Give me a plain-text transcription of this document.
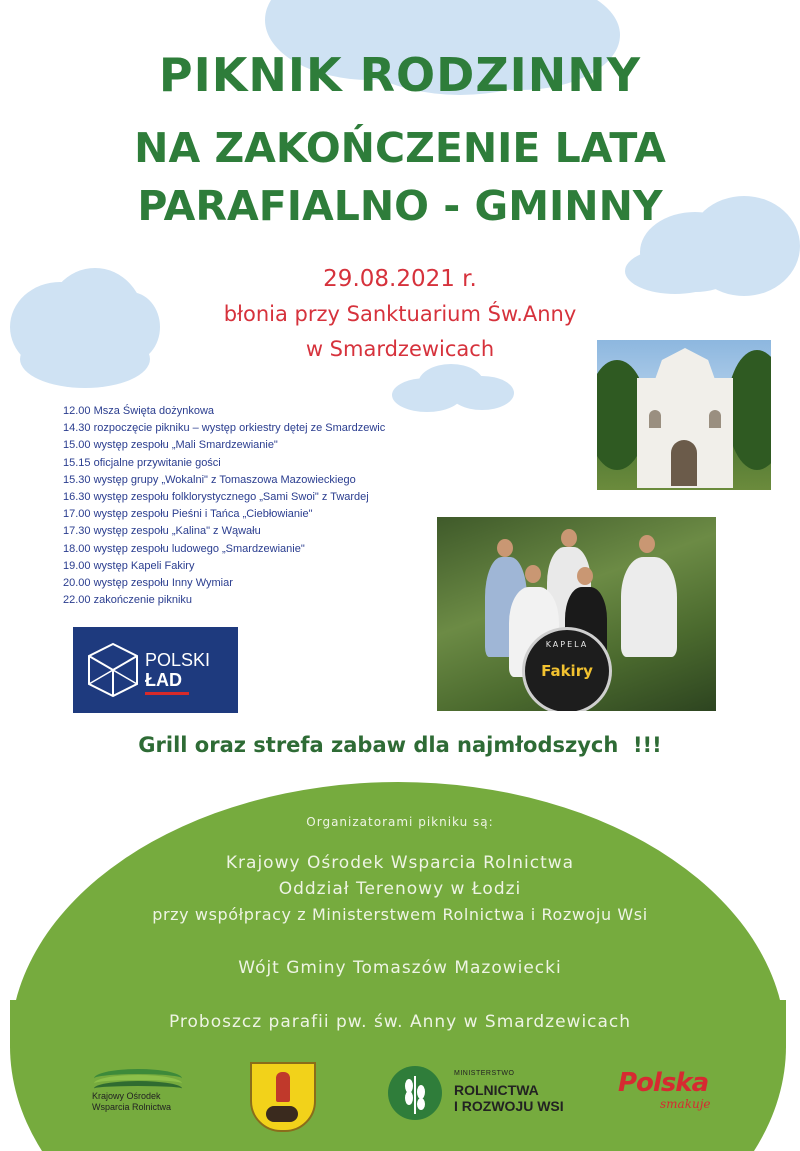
PIKNIK RODZINNY
NA ZAKOŃCZENIE LATA
PARAFIALNO - GMINNY
29.08.2021 r.
błonia przy Sanktuarium Św.Anny
w Smardzewicach
12.00 Msza Święta dożynkowa
14.30 rozpoczęcie pikniku – występ orkiestry dętej ze Smardzewic
15.00 występ zespołu „Mali Smardzewianie"
15.15 oficjalne przywitanie gości
15.30 występ grupy „Wokalni" z Tomaszowa Mazowieckiego
16.30 występ zespołu folklorystycznego „Sami Swoi" z Twardej
17.00 występ zespołu Pieśni i Tańca „Ciebłowianie"
17.30 występ zespołu „Kalina" z Wąwału
18.00 występ zespołu ludowego „Smardzewianie"
19.00 występ Kapeli Fakiry
20.00 występ zespołu Inny Wymiar
22.00 zakończenie pikniku
KAPELA
Fakiry
POLSKI
ŁAD
Grill oraz strefa zabaw dla najmłodszych  !!!
Organizatorami pikniku są:
Krajowy Ośrodek Wsparcia Rolnictwa
Oddział Terenowy w Łodzi
przy współpracy z Ministerstwem Rolnictwa i Rozwoju Wsi
Wójt Gminy Tomaszów Mazowiecki
Proboszcz parafii pw. św. Anny w Smardzewicach
Krajowy Ośrodek
Wsparcia Rolnictwa
MINISTERSTWO
ROLNICTWA
I ROZWOJU WSI
Polska
smakuje
